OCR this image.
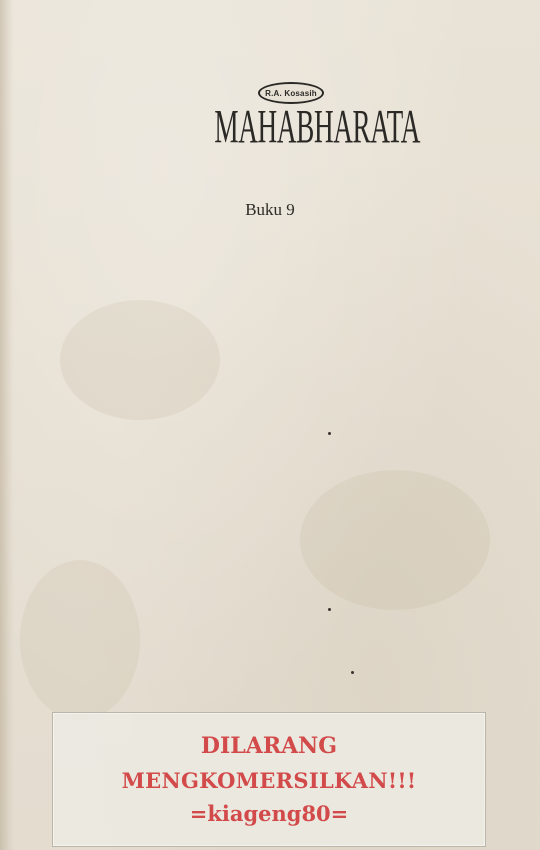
R.A. Kosasih
MAHABHARATA
Buku 9
DILARANG
MENGKOMERSILKAN!!!
=kiageng80=
